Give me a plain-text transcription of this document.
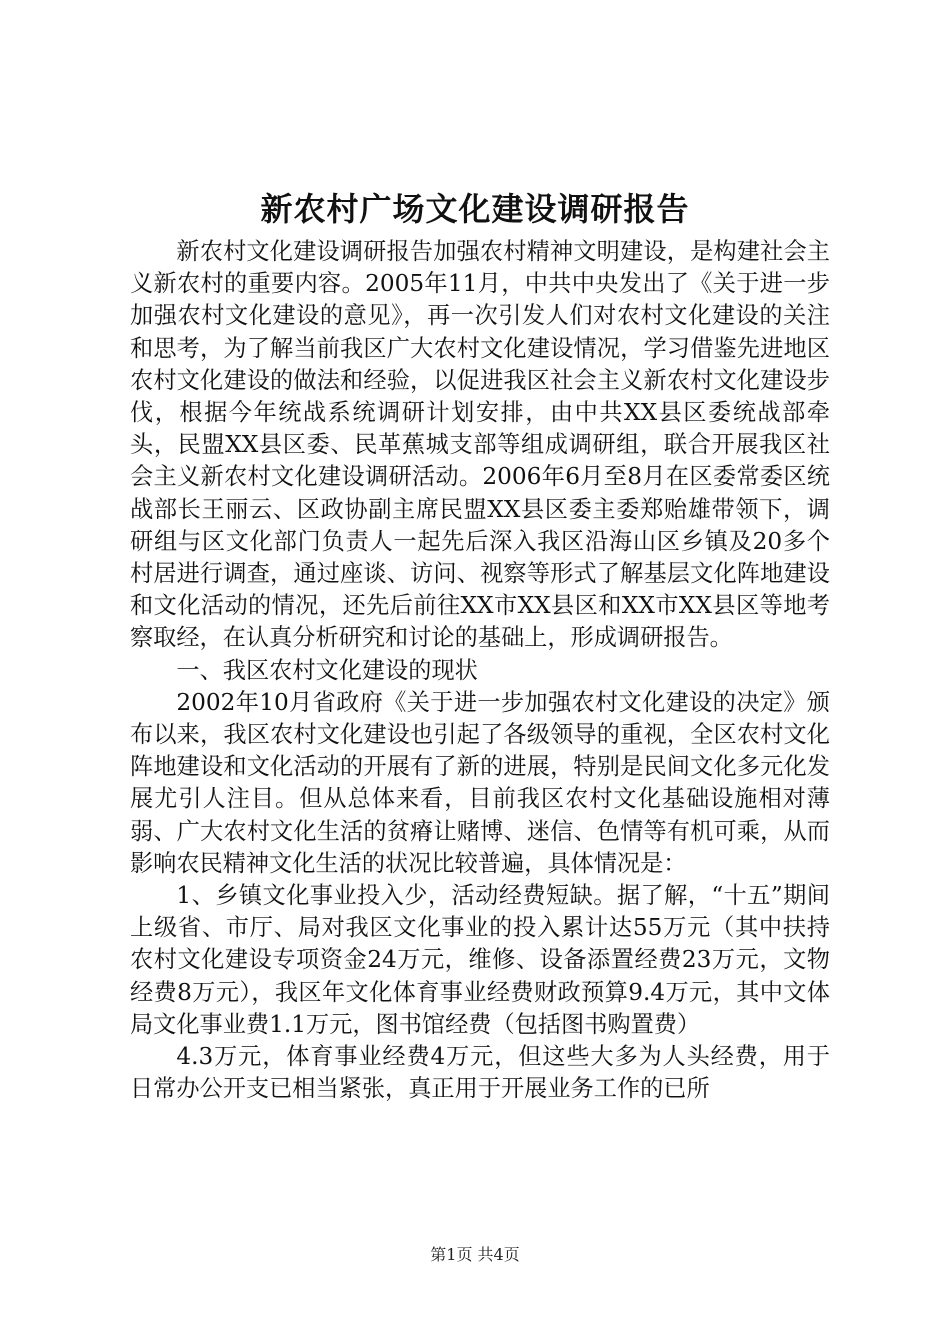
新农村广场文化建设调研报告

新农村文化建设调研报告加强农村精神文明建设，是构建社会主义新农村的重要内容。2005年11月，中共中央发出了《关于进一步加强农村文化建设的意见》，再一次引发人们对农村文化建设的关注和思考，为了解当前我区广大农村文化建设情况，学习借鉴先进地区农村文化建设的做法和经验，以促进我区社会主义新农村文化建设步伐，根据今年统战系统调研计划安排，由中共XX县区委统战部牵头，民盟XX县区委、民革蕉城支部等组成调研组，联合开展我区社会主义新农村文化建设调研活动。2006年6月至8月在区委常委区统战部长王丽云、区政协副主席民盟XX县区委主委郑贻雄带领下，调研组与区文化部门负责人一起先后深入我区沿海山区乡镇及20多个村居进行调查，通过座谈、访问、视察等形式了解基层文化阵地建设和文化活动的情况，还先后前往XX市XX县区和XX市XX县区等地考察取经，在认真分析研究和讨论的基础上，形成调研报告。

一、我区农村文化建设的现状

2002年10月省政府《关于进一步加强农村文化建设的决定》颁布以来，我区农村文化建设也引起了各级领导的重视，全区农村文化阵地建设和文化活动的开展有了新的进展，特别是民间文化多元化发展尤引人注目。但从总体来看，目前我区农村文化基础设施相对薄弱、广大农村文化生活的贫瘠让赌博、迷信、色情等有机可乘，从而影响农民精神文化生活的状况比较普遍，具体情况是：

1、乡镇文化事业投入少，活动经费短缺。据了解，“十五”期间上级省、市厅、局对我区文化事业的投入累计达55万元（其中扶持农村文化建设专项资金24万元，维修、设备添置经费23万元，文物经费8万元），我区年文化体育事业经费财政预算9.4万元，其中文体局文化事业费1.1万元，图书馆经费（包括图书购置费）

4.3万元，体育事业经费4万元，但这些大多为人头经费，用于日常办公开支已相当紧张，真正用于开展业务工作的已所

第1页 共4页
